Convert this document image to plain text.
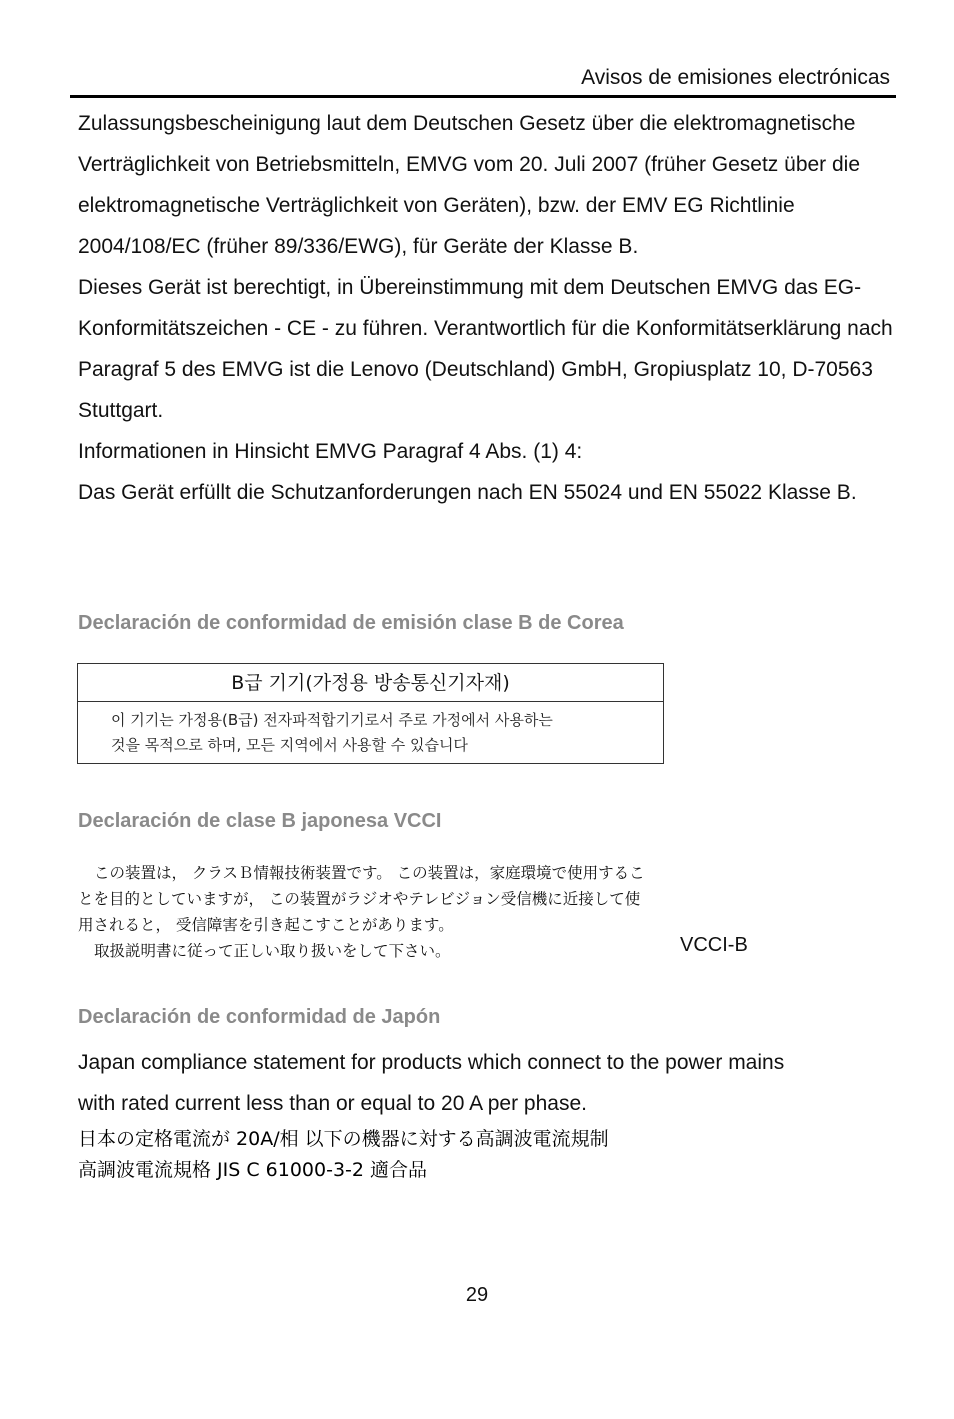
Avisos de emisiones electrónicas

Zulassungsbescheinigung laut dem Deutschen Gesetz über die elektromagnetische Verträglichkeit von Betriebsmitteln, EMVG vom 20. Juli 2007 (früher Gesetz über die elektromagnetische Verträglichkeit von Geräten), bzw. der EMV EG Richtlinie 2004/108/EC (früher 89/336/EWG), für Geräte der Klasse B.

Dieses Gerät ist berechtigt, in Übereinstimmung mit dem Deutschen EMVG das EG-Konformitätszeichen - CE - zu führen. Verantwortlich für die Konformitätserklärung nach Paragraf 5 des EMVG ist die Lenovo (Deutschland) GmbH, Gropiusplatz 10, D-70563 Stuttgart.

Informationen in Hinsicht EMVG Paragraf 4 Abs. (1) 4:

Das Gerät erfüllt die Schutzanforderungen nach EN 55024 und EN 55022 Klasse B.

Declaración de conformidad de emisión clase B de Corea
B급 기기(가정용 방송통신기자재)
이 기기는 가정용(B급) 전자파적합기기로서 주로 가정에서 사용하는
것을 목적으로 하며, 모든 지역에서 사용할 수 있습니다
Declaración de clase B japonesa VCCI

この装置は， クラスＢ情報技術装置です。 この装置は，家庭環境で使用するこ

とを目的としていますが， この装置がラジオやテレビジョン受信機に近接して使

用されると， 受信障害を引き起こすことがあります。

取扱説明書に従って正しい取り扱いをして下さい。	VCCI-B
Declaración de conformidad de Japón

Japan compliance statement for products which connect to the power mains

with rated current less than or equal to 20 A per phase.

日本の定格電流が 20A/相 以下の機器に対する高調波電流規制

高調波電流規格 JIS C 61000-3-2 適合品

29
